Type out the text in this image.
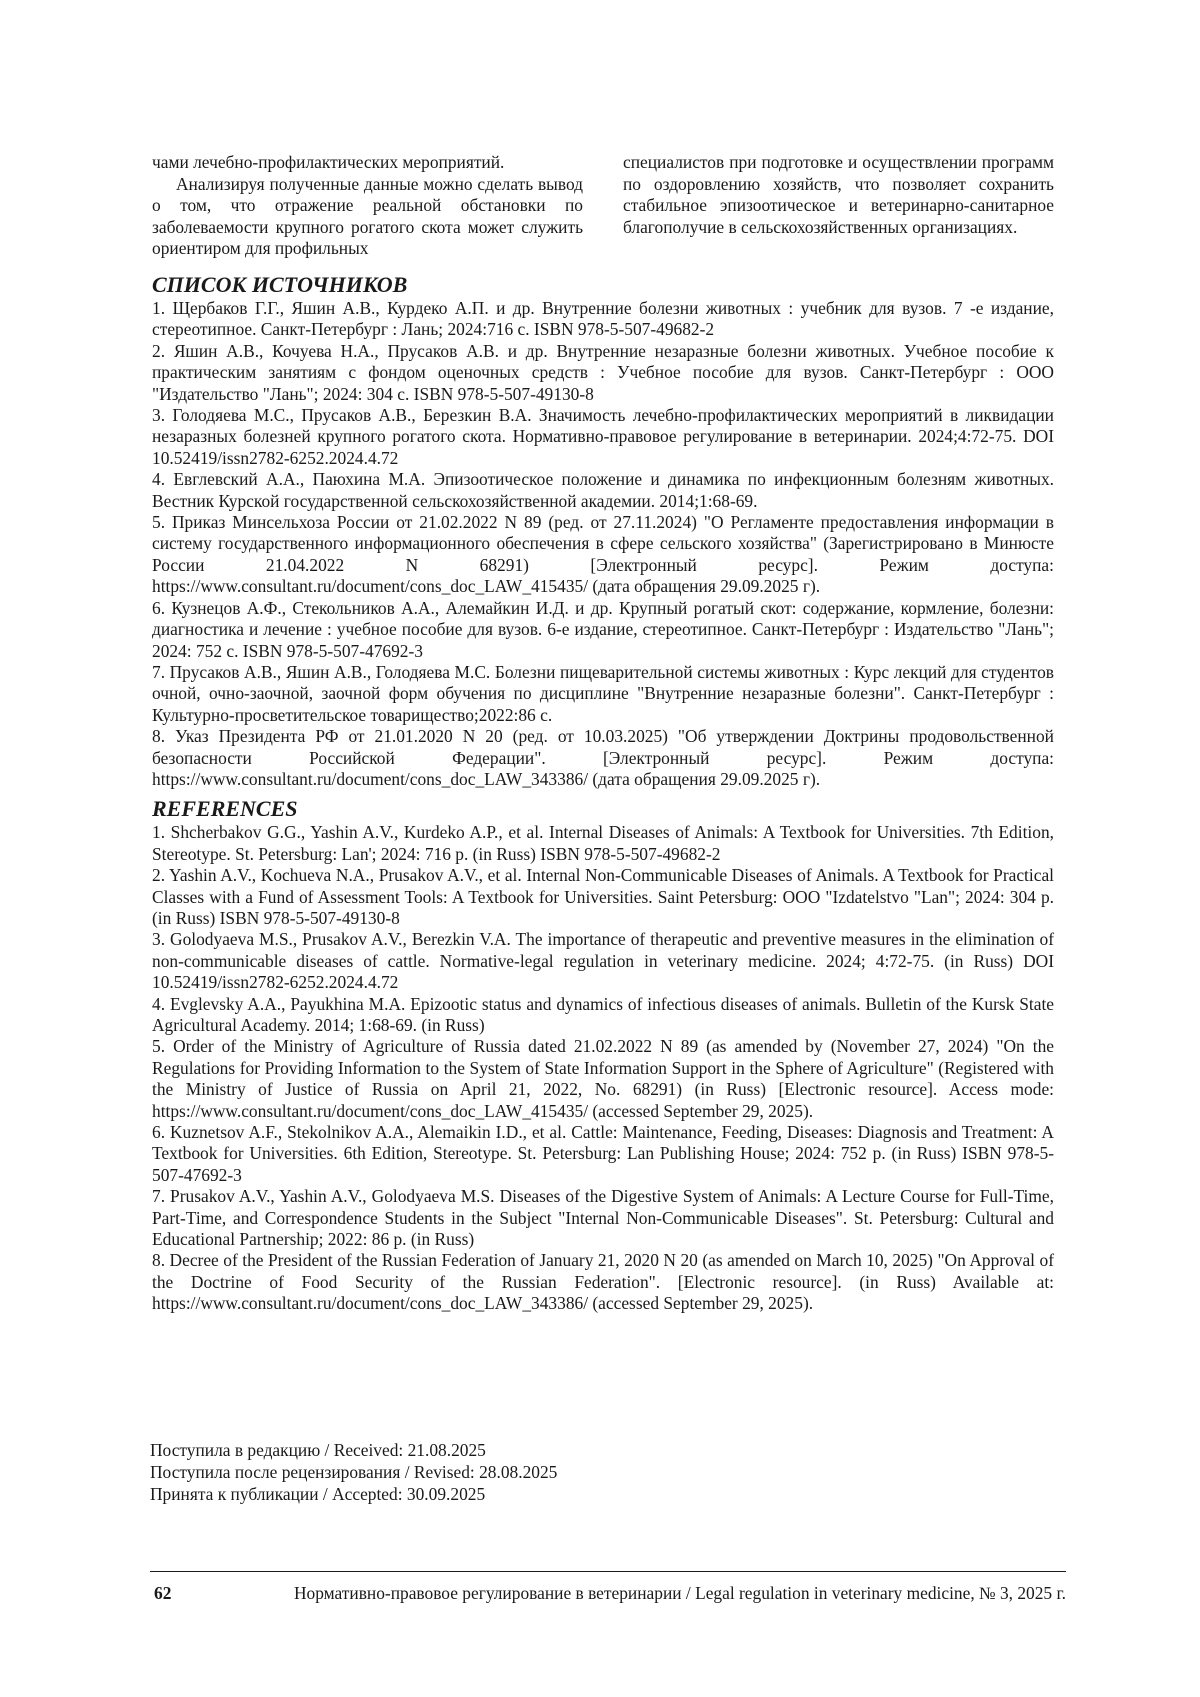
чами лечебно-профилактических мероприятий.

Анализируя полученные данные можно сделать вывод о том, что отражение реальной обстановки по заболеваемости крупного рогатого скота может служить ориентиром для профильных

специалистов при подготовке и осуществлении программ по оздоровлению хозяйств, что позволяет сохранить стабильное эпизоотическое и ветеринарно-санитарное благополучие в сельскохозяйственных организациях.

СПИСОК ИСТОЧНИКОВ

1. Щербаков Г.Г., Яшин А.В., Курдеко А.П. и др. Внутренние болезни животных : учебник для вузов. 7 -е издание, стереотипное. Санкт-Петербург : Лань; 2024:716 с. ISBN 978-5-507-49682-2

2. Яшин А.В., Кочуева Н.А., Прусаков А.В. и др. Внутренние незаразные болезни животных. Учебное пособие к практическим занятиям с фондом оценочных средств : Учебное пособие для вузов. Санкт-Петербург : ООО "Издательство "Лань"; 2024: 304 с. ISBN 978-5-507-49130-8

3. Голодяева М.С., Прусаков А.В., Березкин В.А. Значимость лечебно-профилактических мероприятий в ликвидации незаразных болезней крупного рогатого скота. Нормативно-правовое регулирование в ветеринарии. 2024;4:72-75. DOI 10.52419/issn2782-6252.2024.4.72

4. Евглевский А.А., Паюхина М.А. Эпизоотическое положение и динамика по инфекционным болезням животных. Вестник Курской государственной сельскохозяйственной академии. 2014;1:68-69.

5. Приказ Минсельхоза России от 21.02.2022 N 89 (ред. от 27.11.2024) "О Регламенте предоставления информации в систему государственного информационного обеспечения в сфере сельского хозяйства" (Зарегистрировано в Минюсте России 21.04.2022 N 68291) [Электронный ресурс]. Режим доступа: https://www.consultant.ru/document/cons_doc_LAW_415435/ (дата обращения 29.09.2025 г).

6. Кузнецов А.Ф., Стекольников А.А., Алемайкин И.Д. и др. Крупный рогатый скот: содержание, кормление, болезни: диагностика и лечение : учебное пособие для вузов. 6-е издание, стереотипное. Санкт-Петербург : Издательство "Лань"; 2024: 752 с. ISBN 978-5-507-47692-3

7. Прусаков А.В., Яшин А.В., Голодяева М.С. Болезни пищеварительной системы животных : Курс лекций для студентов очной, очно-заочной, заочной форм обучения по дисциплине "Внутренние незаразные болезни". Санкт-Петербург : Культурно-просветительское товарищество;2022:86 с.

8. Указ Президента РФ от 21.01.2020 N 20 (ред. от 10.03.2025) "Об утверждении Доктрины продовольственной безопасности Российской Федерации". [Электронный ресурс]. Режим доступа: https://www.consultant.ru/document/cons_doc_LAW_343386/ (дата обращения 29.09.2025 г).

REFERENCES

1. Shcherbakov G.G., Yashin A.V., Kurdeko A.P., et al. Internal Diseases of Animals: A Textbook for Universities. 7th Edition, Stereotype. St. Petersburg: Lan'; 2024: 716 p. (in Russ) ISBN 978-5-507-49682-2

2. Yashin A.V., Kochueva N.A., Prusakov A.V., et al. Internal Non-Communicable Diseases of Animals. A Textbook for Practical Classes with a Fund of Assessment Tools: A Textbook for Universities. Saint Petersburg: OOO "Izdatelstvo "Lan"; 2024: 304 p. (in Russ) ISBN 978-5-507-49130-8

3. Golodyaeva M.S., Prusakov A.V., Berezkin V.A. The importance of therapeutic and preventive measures in the elimination of non-communicable diseases of cattle. Normative-legal regulation in veterinary medicine. 2024; 4:72-75. (in Russ) DOI 10.52419/issn2782-6252.2024.4.72

4. Evglevsky A.A., Payukhina M.A. Epizootic status and dynamics of infectious diseases of animals. Bulletin of the Kursk State Agricultural Academy. 2014; 1:68-69. (in Russ)

5. Order of the Ministry of Agriculture of Russia dated 21.02.2022 N 89 (as amended by (November 27, 2024) "On the Regulations for Providing Information to the System of State Information Support in the Sphere of Agriculture" (Registered with the Ministry of Justice of Russia on April 21, 2022, No. 68291) (in Russ) [Electronic resource]. Access mode: https://www.consultant.ru/document/cons_doc_LAW_415435/ (accessed September 29, 2025).

6. Kuznetsov A.F., Stekolnikov A.A., Alemaikin I.D., et al. Cattle: Maintenance, Feeding, Diseases: Diagnosis and Treatment: A Textbook for Universities. 6th Edition, Stereotype. St. Petersburg: Lan Publishing House; 2024: 752 p. (in Russ) ISBN 978-5-507-47692-3

7. Prusakov A.V., Yashin A.V., Golodyaeva M.S. Diseases of the Digestive System of Animals: A Lecture Course for Full-Time, Part-Time, and Correspondence Students in the Subject "Internal Non-Communicable Diseases". St. Petersburg: Cultural and Educational Partnership; 2022: 86 p. (in Russ)

8. Decree of the President of the Russian Federation of January 21, 2020 N 20 (as amended on March 10, 2025) "On Approval of the Doctrine of Food Security of the Russian Federation". [Electronic resource]. (in Russ) Available at: https://www.consultant.ru/document/cons_doc_LAW_343386/ (accessed September 29, 2025).

Поступила в редакцию / Received: 21.08.2025
Поступила после рецензирования / Revised: 28.08.2025
Принята к публикации / Accepted: 30.09.2025
62	Нормативно-правовое регулирование в ветеринарии / Legal regulation in veterinary medicine, № 3, 2025 г.
